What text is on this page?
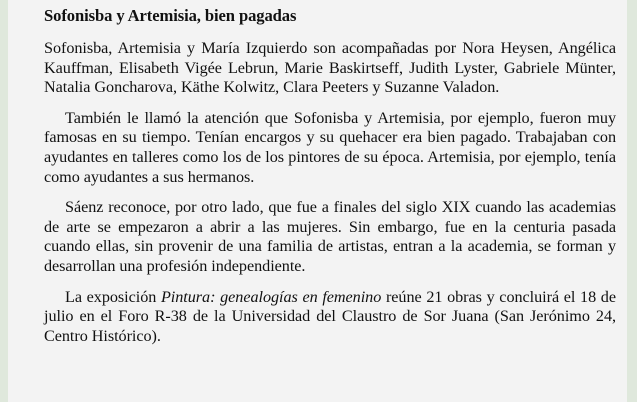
Sofonisba y Artemisia, bien pagadas

Sofonisba, Artemisia y María Izquierdo son acompañadas por Nora Heysen, Angélica Kauffman, Elisabeth Vigée Lebrun, Marie Baskirtseff, Judith Lyster, Gabriele Münter, Natalia Goncharova, Käthe Kolwitz, Clara Peeters y Suzanne Valadon.

También le llamó la atención que Sofonisba y Artemisia, por ejemplo, fueron muy famosas en su tiempo. Tenían encargos y su quehacer era bien pagado. Trabajaban con ayudantes en talleres como los de los pintores de su época. Artemisia, por ejemplo, tenía como ayudantes a sus hermanos.

Sáenz reconoce, por otro lado, que fue a finales del siglo XIX cuando las academias de arte se empezaron a abrir a las mujeres. Sin embargo, fue en la centuria pasada cuando ellas, sin provenir de una familia de artistas, entran a la academia, se forman y desarrollan una profesión independiente.

La exposición Pintura: genealogías en femenino reúne 21 obras y concluirá el 18 de julio en el Foro R-38 de la Universidad del Claustro de Sor Juana (San Jerónimo 24, Centro Histórico).
